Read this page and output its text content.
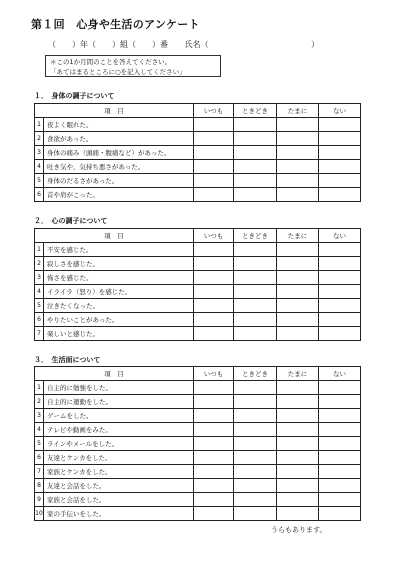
第１回　心身や生活のアンケート
（　　）年（　　）組（　　）番 氏名（	）
＊この1か月間のことを答えてください。
「あてはまるところに○を記入してください」
１．　身体の調子について
項　目		いつも	ときどき	たまに	ない
1	夜よく眠れた。				
2	食欲があった。				
3	身体の痛み（頭痛・腹痛など）があった。				
4	吐き気や、気持ち悪さがあった。				
5	身体のだるさがあった。				
6	首や肩がこった。				
２．　心の調子について
項　目		いつも	ときどき	たまに	ない
1	不安を感じた。				
2	寂しさを感じた。				
3	怖さを感じた。				
4	イライラ（怒り）を感じた。				
5	泣きたくなった。				
6	やりたいことがあった。				
7	楽しいと感じた。				
３．　生活面について
項　目		いつも	ときどき	たまに	ない
1	自主的に勉強をした。				
2	自主的に運動をした。				
3	ゲームをした。				
4	テレビや動画をみた。				
5	ラインやメールをした。				
6	友達とケンカをした。				
7	家族とケンカをした。				
8	友達と会話をした。				
9	家族と会話をした。				
10	家の手伝いをした。				
うらもあります。
